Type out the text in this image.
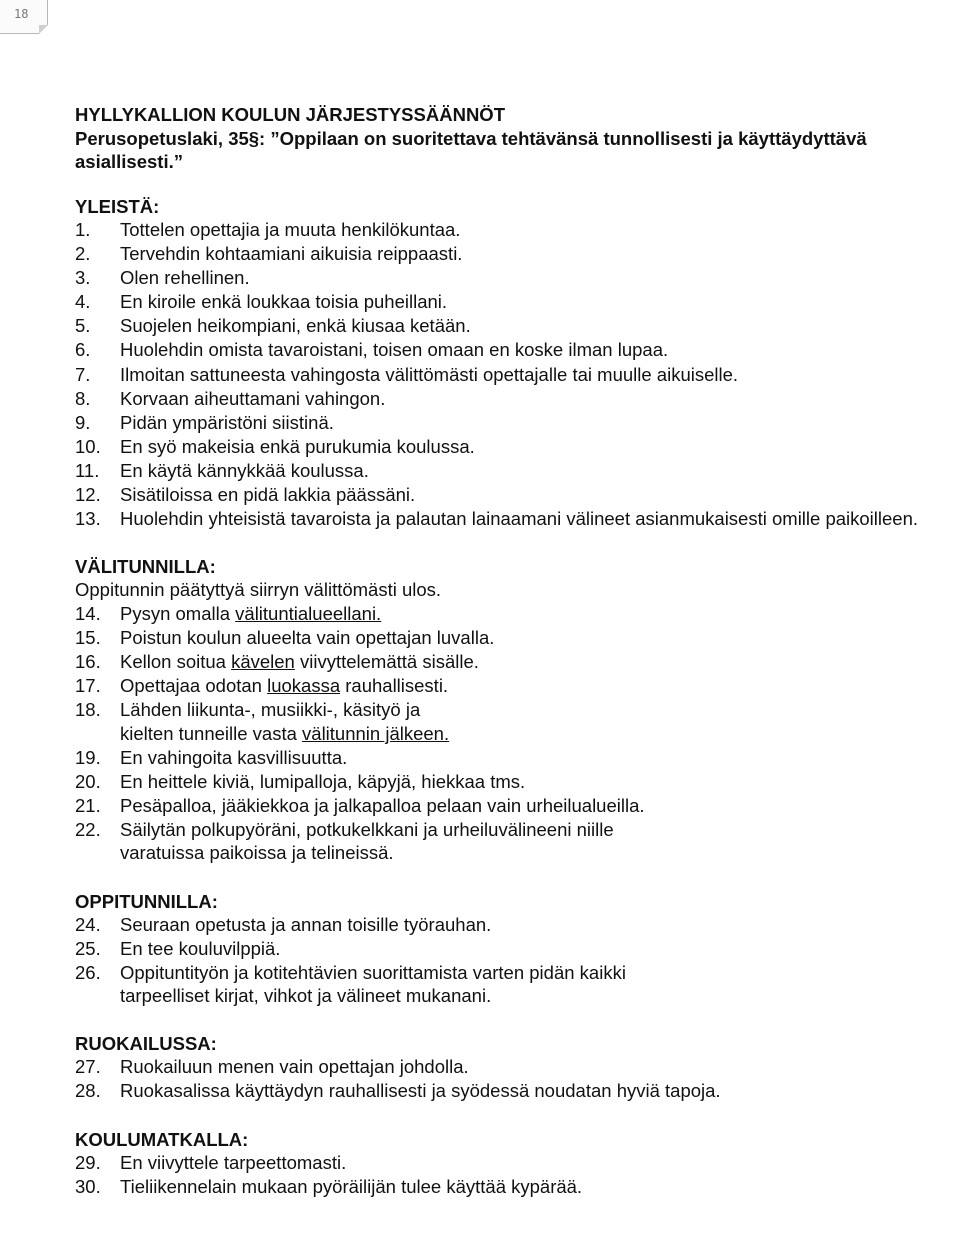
18

HYLLYKALLION KOULUN JÄRJESTYSSÄÄNNÖT

Perusopetuslaki, 35§: ”Oppilaan on suoritettava tehtävänsä tunnollisesti ja käyttäydyttävä asiallisesti.”

YLEISTÄ:

1.	Tottelen opettajia ja muuta henkilökuntaa.
2.	Tervehdin kohtaamiani aikuisia reippaasti.
3.	Olen rehellinen.
4.	En kiroile enkä loukkaa toisia puheillani.
5.	Suojelen heikompiani, enkä kiusaa ketään.
6.	Huolehdin omista tavaroistani, toisen omaan en koske ilman lupaa.
7.	Ilmoitan sattuneesta vahingosta välittömästi opettajalle tai muulle aikuiselle.
8.	Korvaan aiheuttamani vahingon.
9.	Pidän ympäristöni siistinä.
10.	En syö makeisia enkä purukumia koulussa.
11.	En käytä kännykkää koulussa.
12.	Sisätiloissa en pidä lakkia päässäni.
13.	Huolehdin yhteisistä tavaroista ja palautan lainaamani välineet asianmukaisesti omille paikoilleen.

VÄLITUNNILLA:

Oppitunnin päätyttyä siirryn välittömästi ulos.

14.	Pysyn omalla välituntialueellani.
15.	Poistun koulun alueelta vain opettajan luvalla.
16.	Kellon soitua kävelen viivyttelemättä sisälle.
17.	Opettajaa odotan luokassa rauhallisesti.
18.	Lähden liikunta-, musiikki-, käsityö ja
kielten tunneille vasta välitunnin jälkeen.
19.	En vahingoita kasvillisuutta.
20.	En heittele kiviä, lumipalloja, käpyjä, hiekkaa tms.
21.	Pesäpalloa, jääkiekkoa ja jalkapalloa pelaan vain urheilualueilla.
22.	Säilytän polkupyöräni, potkukelkkani ja urheiluvälineeni niille
varatuissa paikoissa ja telineissä.

OPPITUNNILLA:

24.	Seuraan opetusta ja annan toisille työrauhan.
25.	En tee kouluvilppiä.
26.	Oppituntityön ja kotitehtävien suorittamista varten pidän kaikki
tarpeelliset kirjat, vihkot ja välineet mukanani.

RUOKAILUSSA:

27.	Ruokailuun menen vain opettajan johdolla.
28.	Ruokasalissa käyttäydyn rauhallisesti ja syödessä noudatan hyviä tapoja.

KOULUMATKALLA:

29.	En viivyttele tarpeettomasti.
30.	Tieliikennelain mukaan pyöräilijän tulee käyttää kypärää.
